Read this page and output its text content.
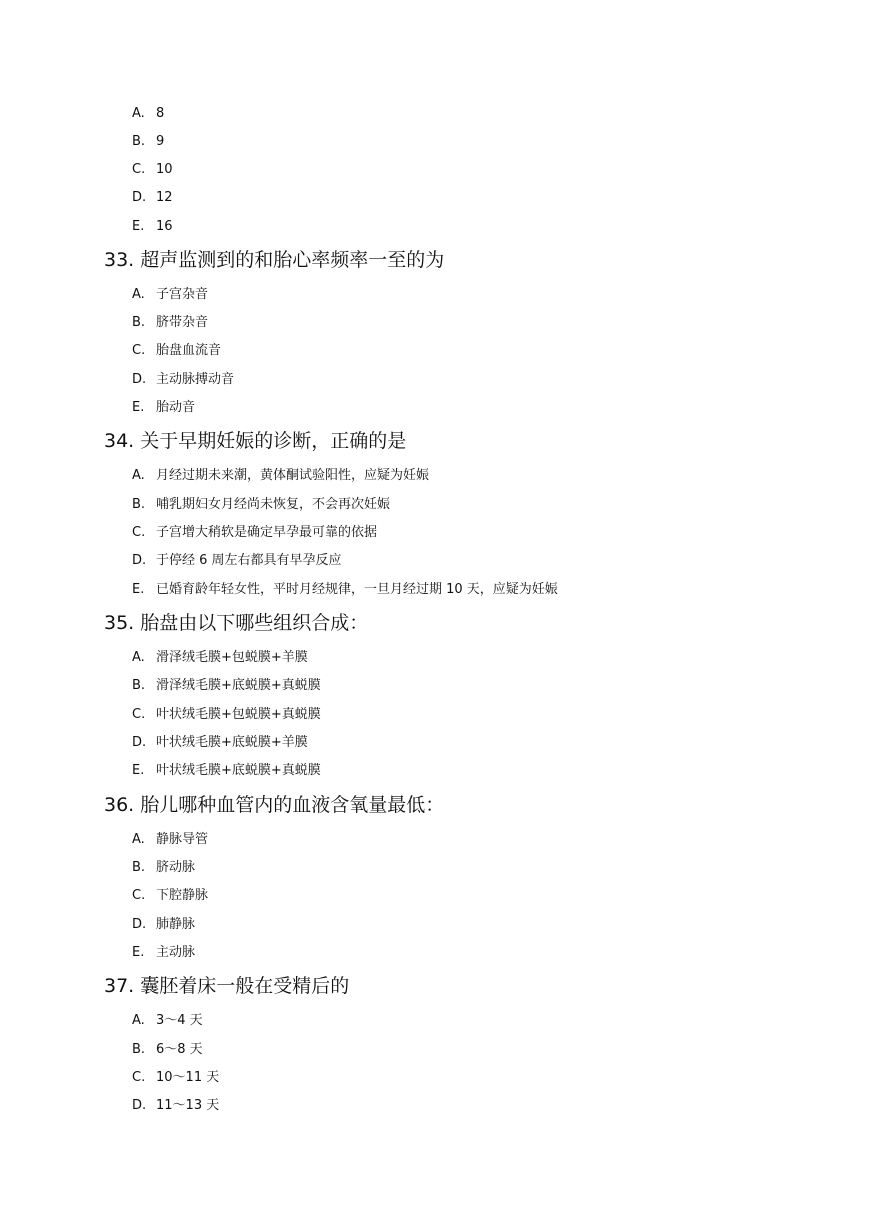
A. 8
B. 9
C. 10
D. 12
E. 16
33. 超声监测到的和胎心率频率一至的为
A. 子宫杂音
B. 脐带杂音
C. 胎盘血流音
D. 主动脉搏动音
E. 胎动音
34. 关于早期妊娠的诊断，正确的是
A. 月经过期未来潮，黄体酮试验阳性，应疑为妊娠
B. 哺乳期妇女月经尚未恢复，不会再次妊娠
C. 子宫增大稍软是确定早孕最可靠的依据
D. 于停经 6 周左右都具有早孕反应
E. 已婚育龄年轻女性，平时月经规律，一旦月经过期 10 天，应疑为妊娠
35. 胎盘由以下哪些组织合成：
A. 滑泽绒毛膜+包蜕膜+羊膜
B. 滑泽绒毛膜+底蜕膜+真蜕膜
C. 叶状绒毛膜+包蜕膜+真蜕膜
D. 叶状绒毛膜+底蜕膜+羊膜
E. 叶状绒毛膜+底蜕膜+真蜕膜
36. 胎儿哪种血管内的血液含氧量最低：
A. 静脉导管
B. 脐动脉
C. 下腔静脉
D. 肺静脉
E. 主动脉
37. 囊胚着床一般在受精后的
A. 3～4 天
B. 6～8 天
C. 10～11 天
D. 11～13 天
